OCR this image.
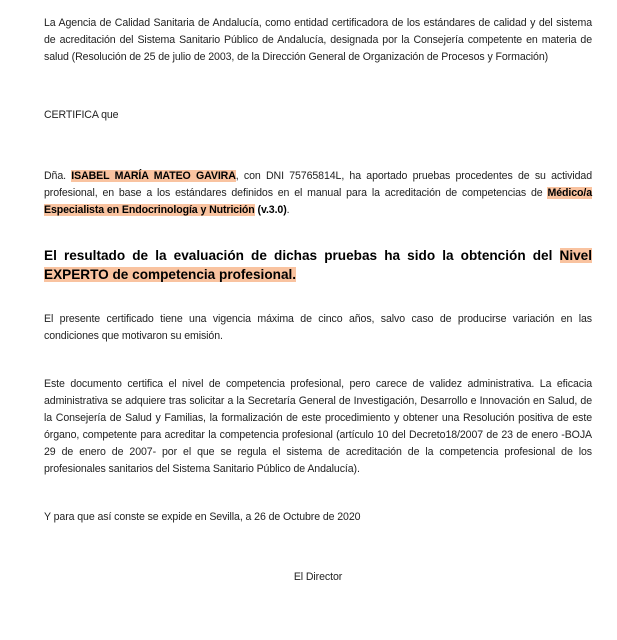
La Agencia de Calidad Sanitaria de Andalucía, como entidad certificadora de los estándares de calidad y del sistema de acreditación del Sistema Sanitario Público de Andalucía, designada por la Consejería competente en materia de salud (Resolución de 25 de julio de 2003, de la Dirección General de Organización de Procesos y Formación)
CERTIFICA que
Dña. ISABEL MARÍA MATEO GAVIRA, con DNI 75765814L, ha aportado pruebas procedentes de su actividad profesional, en base a los estándares definidos en el manual para la acreditación de competencias de Médico/a Especialista en Endocrinología y Nutrición (v.3.0).
El resultado de la evaluación de dichas pruebas ha sido la obtención del Nivel EXPERTO de competencia profesional.
El presente certificado tiene una vigencia máxima de cinco años, salvo caso de producirse variación en las condiciones que motivaron su emisión.
Este documento certifica el nivel de competencia profesional, pero carece de validez administrativa. La eficacia administrativa se adquiere tras solicitar a la Secretaría General de Investigación, Desarrollo e Innovación en Salud, de la Consejería de Salud y Familias, la formalización de este procedimiento y obtener una Resolución positiva de este órgano, competente para acreditar la competencia profesional (artículo 10 del Decreto18/2007 de 23 de enero -BOJA 29 de enero de 2007- por el que se regula el sistema de acreditación de la competencia profesional de los profesionales sanitarios del Sistema Sanitario Público de Andalucía).
Y para que así conste se expide en Sevilla, a 26 de Octubre de 2020
El Director
